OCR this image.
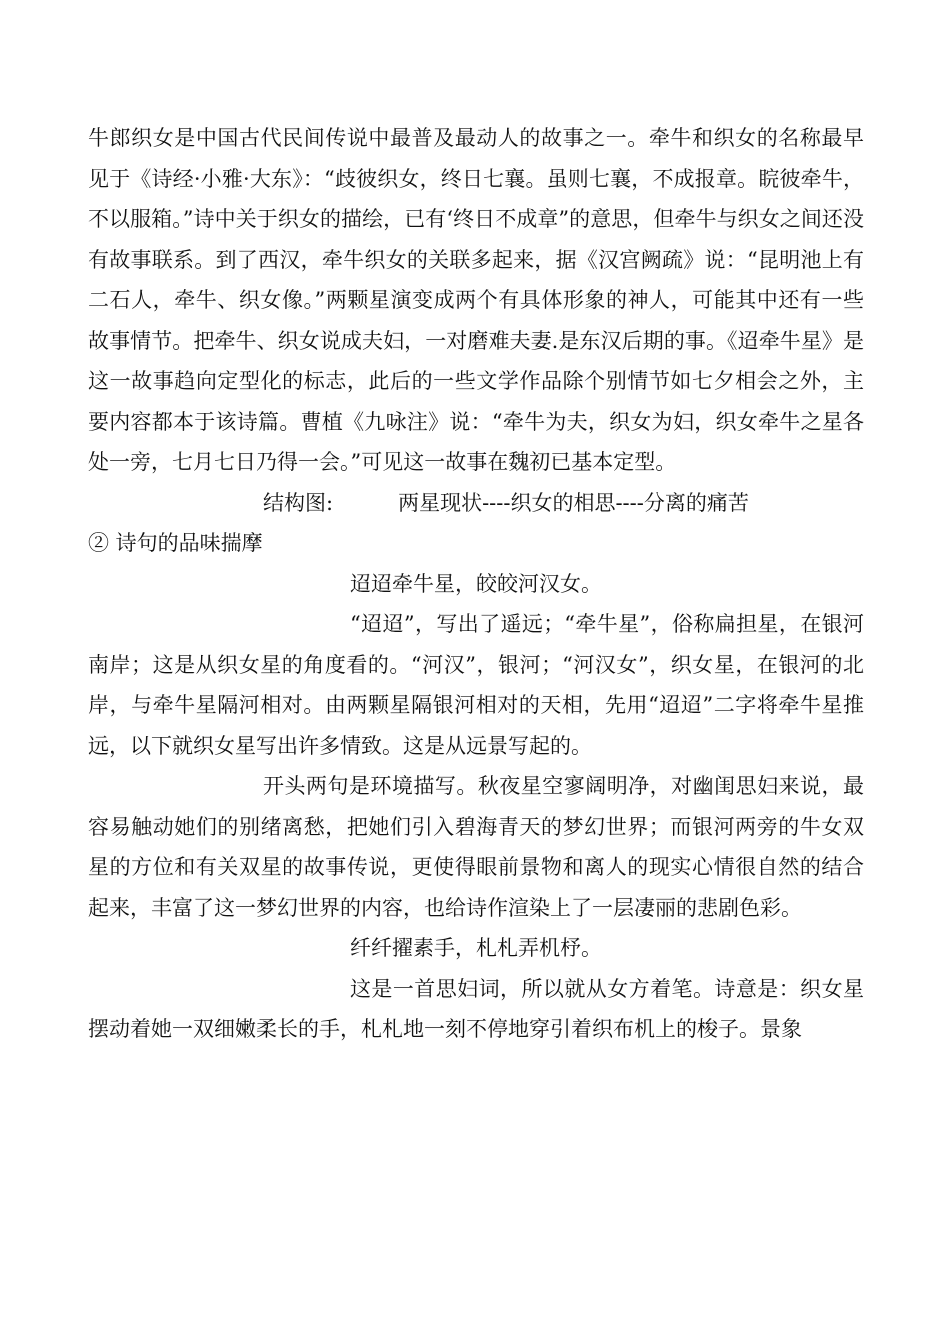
牛郎织女是中国古代民间传说中最普及最动人的故事之一。牵牛和织女的名称最早见于《诗经·小雅·大东》：“歧彼织女，终日七襄。虽则七襄，不成报章。睆彼牵牛，不以服箱。”诗中关于织女的描绘，已有‘终日不成章”的意思，但牵牛与织女之间还没有故事联系。到了西汉，牵牛织女的关联多起来，据《汉宫阙疏》说：“昆明池上有二石人，牵牛、织女像。”两颗星演变成两个有具体形象的神人，可能其中还有一些故事情节。把牵牛、织女说成夫妇，一对磨难夫妻.是东汉后期的事。《迢牵牛星》是这一故事趋向定型化的标志，此后的一些文学作品除个别情节如七夕相会之外，主要内容都本于该诗篇。曹植《九咏注》说：“牵牛为夫，织女为妇，织女牵牛之星各处一旁，七月七日乃得一会。”可见这一故事在魏初已基本定型。

结构图:	两星现状----织女的相思----分离的痛苦

② 诗句的品味揣摩

迢迢牵牛星，皎皎河汉女。

“迢迢”，写出了遥远；“牵牛星”，俗称扁担星，在银河南岸；这是从织女星的角度看的。“河汉”，银河；“河汉女”，织女星，在银河的北岸，与牵牛星隔河相对。由两颗星隔银河相对的天相，先用“迢迢”二字将牵牛星推远，以下就织女星写出许多情致。这是从远景写起的。

开头两句是环境描写。秋夜星空寥阔明净，对幽闺思妇来说，最容易触动她们的别绪离愁，把她们引入碧海青天的梦幻世界；而银河两旁的牛女双星的方位和有关双星的故事传说，更使得眼前景物和离人的现实心情很自然的结合起来，丰富了这一梦幻世界的内容，也给诗作渲染上了一层凄丽的悲剧色彩。

纤纤擢素手，札札弄机杼。

这是一首思妇词，所以就从女方着笔。诗意是：织女星摆动着她一双细嫩柔长的手，札札地一刻不停地穿引着织布机上的梭子。景象
